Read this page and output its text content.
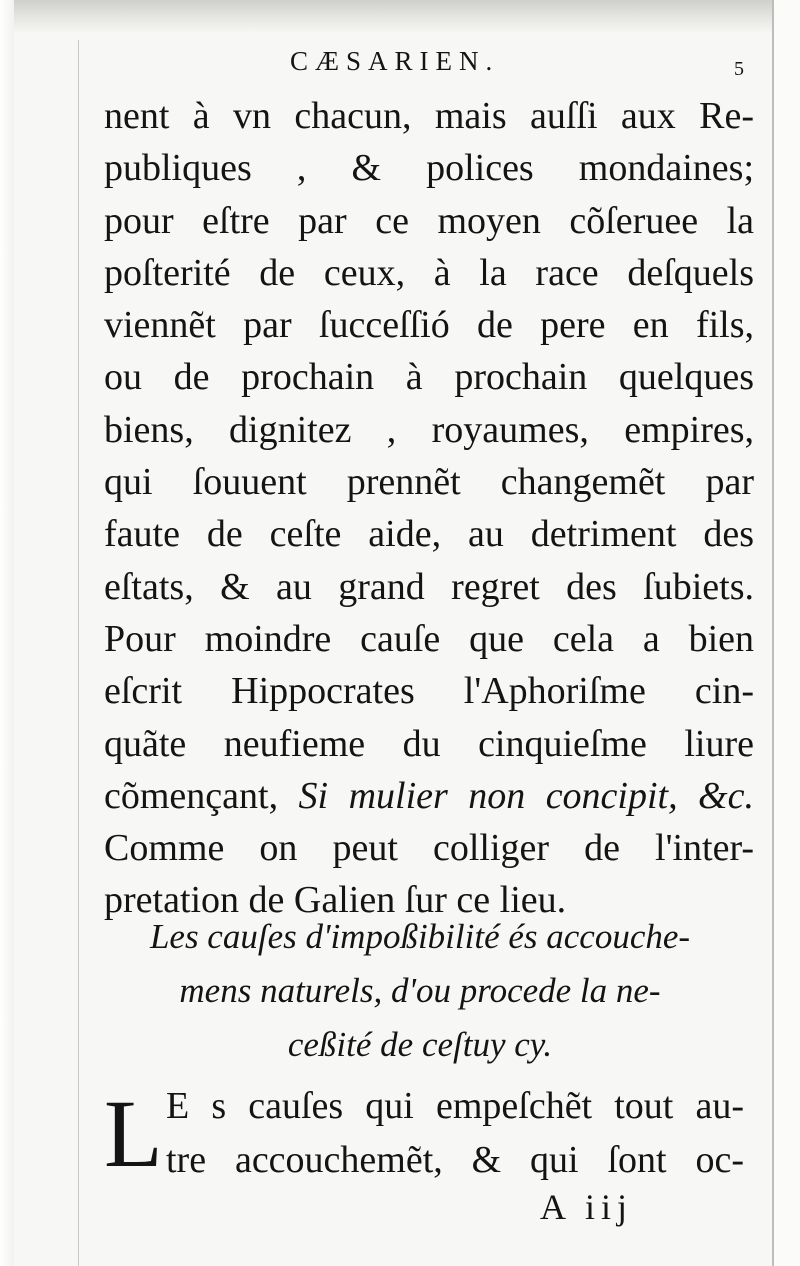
CÆSARIEN.	5
nent à vn chacun, mais auſſi aux Re-
publiques , & polices mondaines;
pour eſtre par ce moyen cõſeruee la
poſterité de ceux, à la race deſquels
viennẽt par ſucceſſió de pere en fils,
ou de prochain à prochain quelques
biens, dignitez , royaumes, empires,
qui ſouuent prennẽt changemẽt par
faute de ceſte aide, au detriment des
eſtats, & au grand regret des ſubiets.
Pour moindre cauſe que cela a bien
eſcrit Hippocrates l'Aphoriſme cin-
quãte neufieme du cinquieſme liure
cõmençant, Si mulier non concipit, &c.
Comme on peut colliger de l'inter-
pretation de Galien ſur ce lieu.
Les cauſes d'impoßibilité és accouche-
mens naturels, d'ou procede la ne-
ceßité de ceſtuy cy.
L E s cauſes qui empeſchẽt tout au-
tre accouchemẽt, & qui ſont oc-
A iij
